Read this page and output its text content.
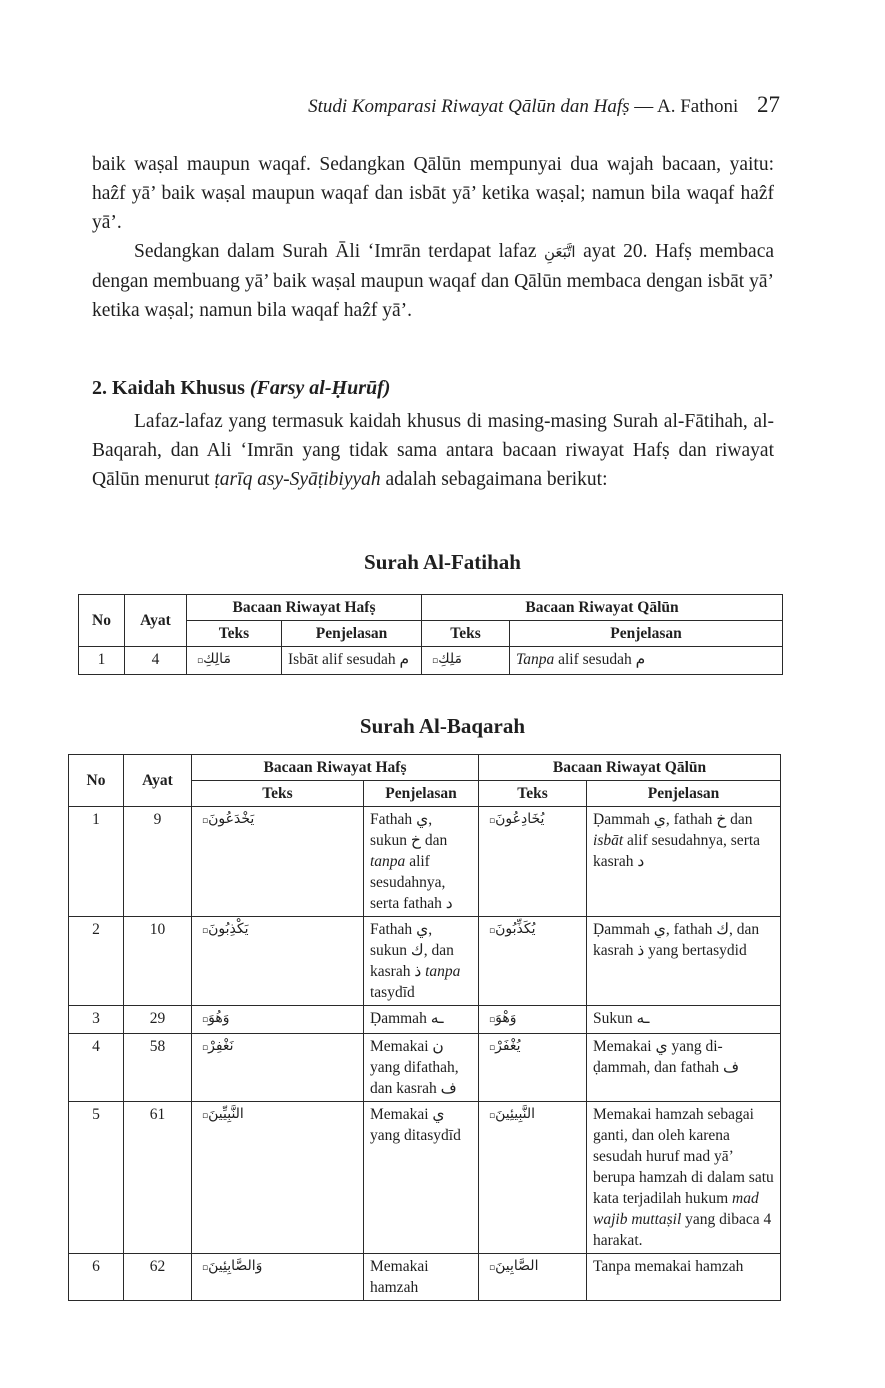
Studi Komparasi Riwayat Qālūn dan Hafṣ — A. Fathoni 27

baik waṣal maupun waqaf. Sedangkan Qālūn mempunyai dua wajah bacaan, yaitu: haẑf yā’ baik waṣal maupun waqaf dan isbāt yā’ ketika waṣal; namun bila waqaf haẑf yā’.

Sedangkan dalam Surah Āli ‘Imrān terdapat lafaz اتَّبَعَنِ ayat 20. Hafṣ membaca dengan membuang yā’ baik waṣal maupun waqaf dan Qālūn membaca dengan isbāt yā’ ketika waṣal; namun bila waqaf haẑf yā’.

2. Kaidah Khusus (Farsy al-Ḥurūf)

Lafaz-lafaz yang termasuk kaidah khusus di masing-masing Surah al-Fātihah, al-Baqarah, dan Ali ‘Imrān yang tidak sama antara bacaan riwayat Hafṣ dan riwayat Qālūn menurut ṭarīq asy-Syāṭibiyyah adalah sebagaimana berikut:

Surah Al-Fatihah
No	Ayat	Bacaan Riwayat Hafṣ		Bacaan Riwayat Qālūn	
		Teks	Penjelasan	Teks	Penjelasan
1	4	مَالِكِ▫	Isbāt alif sesudah م	مَلِكِ▫	Tanpa alif sesudah م
Surah Al-Baqarah
No	Ayat	Bacaan Riwayat Hafṣ		Bacaan Riwayat Qālūn	
		Teks	Penjelasan	Teks	Penjelasan
1	9	يَخْدَعُونَ▫	Fathah ي, sukun خ dan tanpa alif sesudahnya, serta fathah د	يُخَادِعُونَ▫	Ḍammah ي, fathah خ dan isbāt alif sesudahnya, serta kasrah د
2	10	يَكْذِبُونَ▫	Fathah ي, sukun ك, dan kasrah ذ tanpa tasydīd	يُكَذِّبُونَ▫	Ḍammah ي, fathah ك, dan kasrah ذ yang bertasydid
3	29	وَهُوَ▫	Ḍammah ـه	وَهْوَ▫	Sukun ـه
4	58	نَغْفِرْ▫	Memakai ن yang difathah, dan kasrah ف	يُغْفَرْ▫	Memakai ي yang di-ḍammah, dan fathah ف
5	61	النَّبِيِّينَ▫	Memakai ي yang ditasydīd	النَّبِيئِينَ▫	Memakai hamzah sebagai ganti, dan oleh karena sesudah huruf mad yā’ berupa hamzah di dalam satu kata terjadilah hukum mad wajib muttaṣil yang dibaca 4 harakat.
6	62	وَالصَّابِئِينَ▫	Memakai hamzah	الصَّابِينَ▫	Tanpa memakai hamzah
